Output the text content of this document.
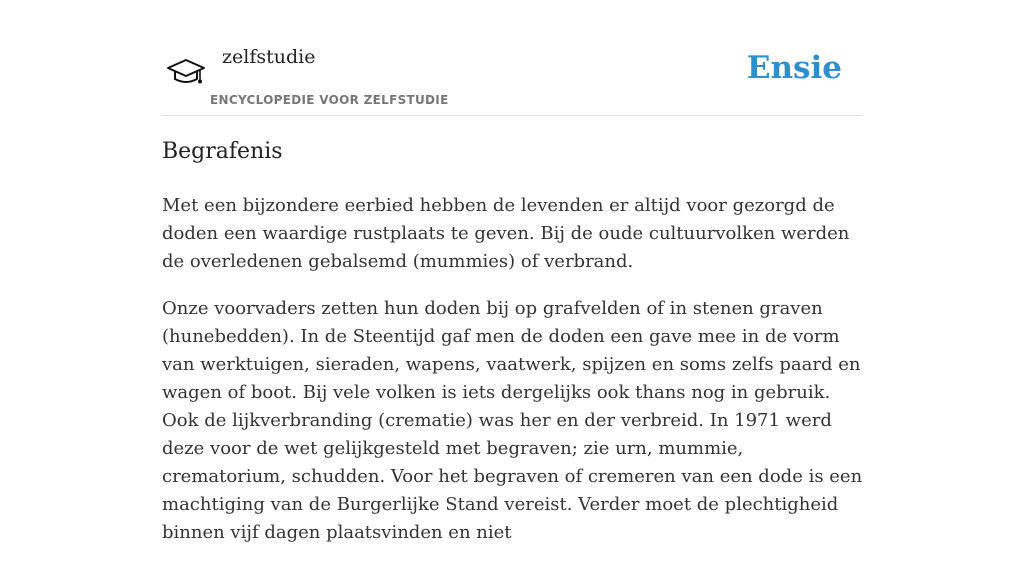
zelfstudie
ENCYCLOPEDIE VOOR ZELFSTUDIE
Ensie
Begrafenis

Met een bijzondere eerbied hebben de levenden er altijd voor gezorgd de doden een waardige rustplaats te geven. Bij de oude cultuurvolken werden de overledenen gebalsemd (mummies) of verbrand.

Onze voorvaders zetten hun doden bij op grafvelden of in stenen graven (hunebedden). In de Steentijd gaf men de doden een gave mee in de vorm van werktuigen, sieraden, wapens, vaatwerk, spijzen en soms zelfs paard en wagen of boot. Bij vele volken is iets dergelijks ook thans nog in gebruik. Ook de lijkverbranding (crematie) was her en der verbreid. In 1971 werd deze voor de wet gelijkgesteld met begraven; zie urn, mummie, crematorium, schudden. Voor het begraven of cremeren van een dode is een machtiging van de Burgerlijke Stand vereist. Verder moet de plechtigheid binnen vijf dagen plaatsvinden en niet
